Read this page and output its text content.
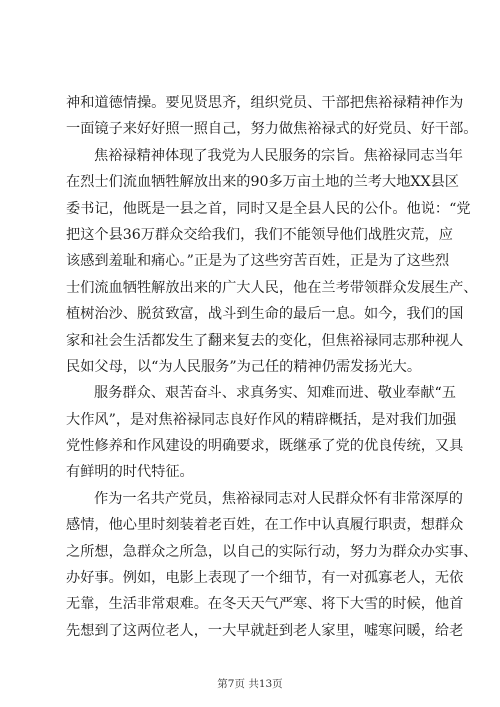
神和道德情操。要见贤思齐，组织党员、干部把焦裕禄精神作为
一面镜子来好好照一照自己，努力做焦裕禄式的好党员、好干部。
焦裕禄精神体现了我党为人民服务的宗旨。焦裕禄同志当年
在烈士们流血牺牲解放出来的90多万亩土地的兰考大地XX县区
委书记，他既是一县之首，同时又是全县人民的公仆。他说：“党
把这个县36万群众交给我们，我们不能领导他们战胜灾荒，应
该感到羞耻和痛心。”正是为了这些穷苦百姓，正是为了这些烈
士们流血牺牲解放出来的广大人民，他在兰考带领群众发展生产、
植树治沙、脱贫致富，战斗到生命的最后一息。如今，我们的国
家和社会生活都发生了翻来复去的变化，但焦裕禄同志那种视人
民如父母，以“为人民服务”为己任的精神仍需发扬光大。
服务群众、艰苦奋斗、求真务实、知难而进、敬业奉献“五
大作风”，是对焦裕禄同志良好作风的精辟概括，是对我们加强
党性修养和作风建设的明确要求，既继承了党的优良传统，又具
有鲜明的时代特征。
作为一名共产党员，焦裕禄同志对人民群众怀有非常深厚的
感情，他心里时刻装着老百姓，在工作中认真履行职责，想群众
之所想，急群众之所急，以自己的实际行动，努力为群众办实事、
办好事。例如，电影上表现了一个细节，有一对孤寡老人，无依
无靠，生活非常艰难。在冬天天气严寒、将下大雪的时候，他首
先想到了这两位老人，一大早就赶到老人家里，嘘寒问暖，给老
第7页 共13页
